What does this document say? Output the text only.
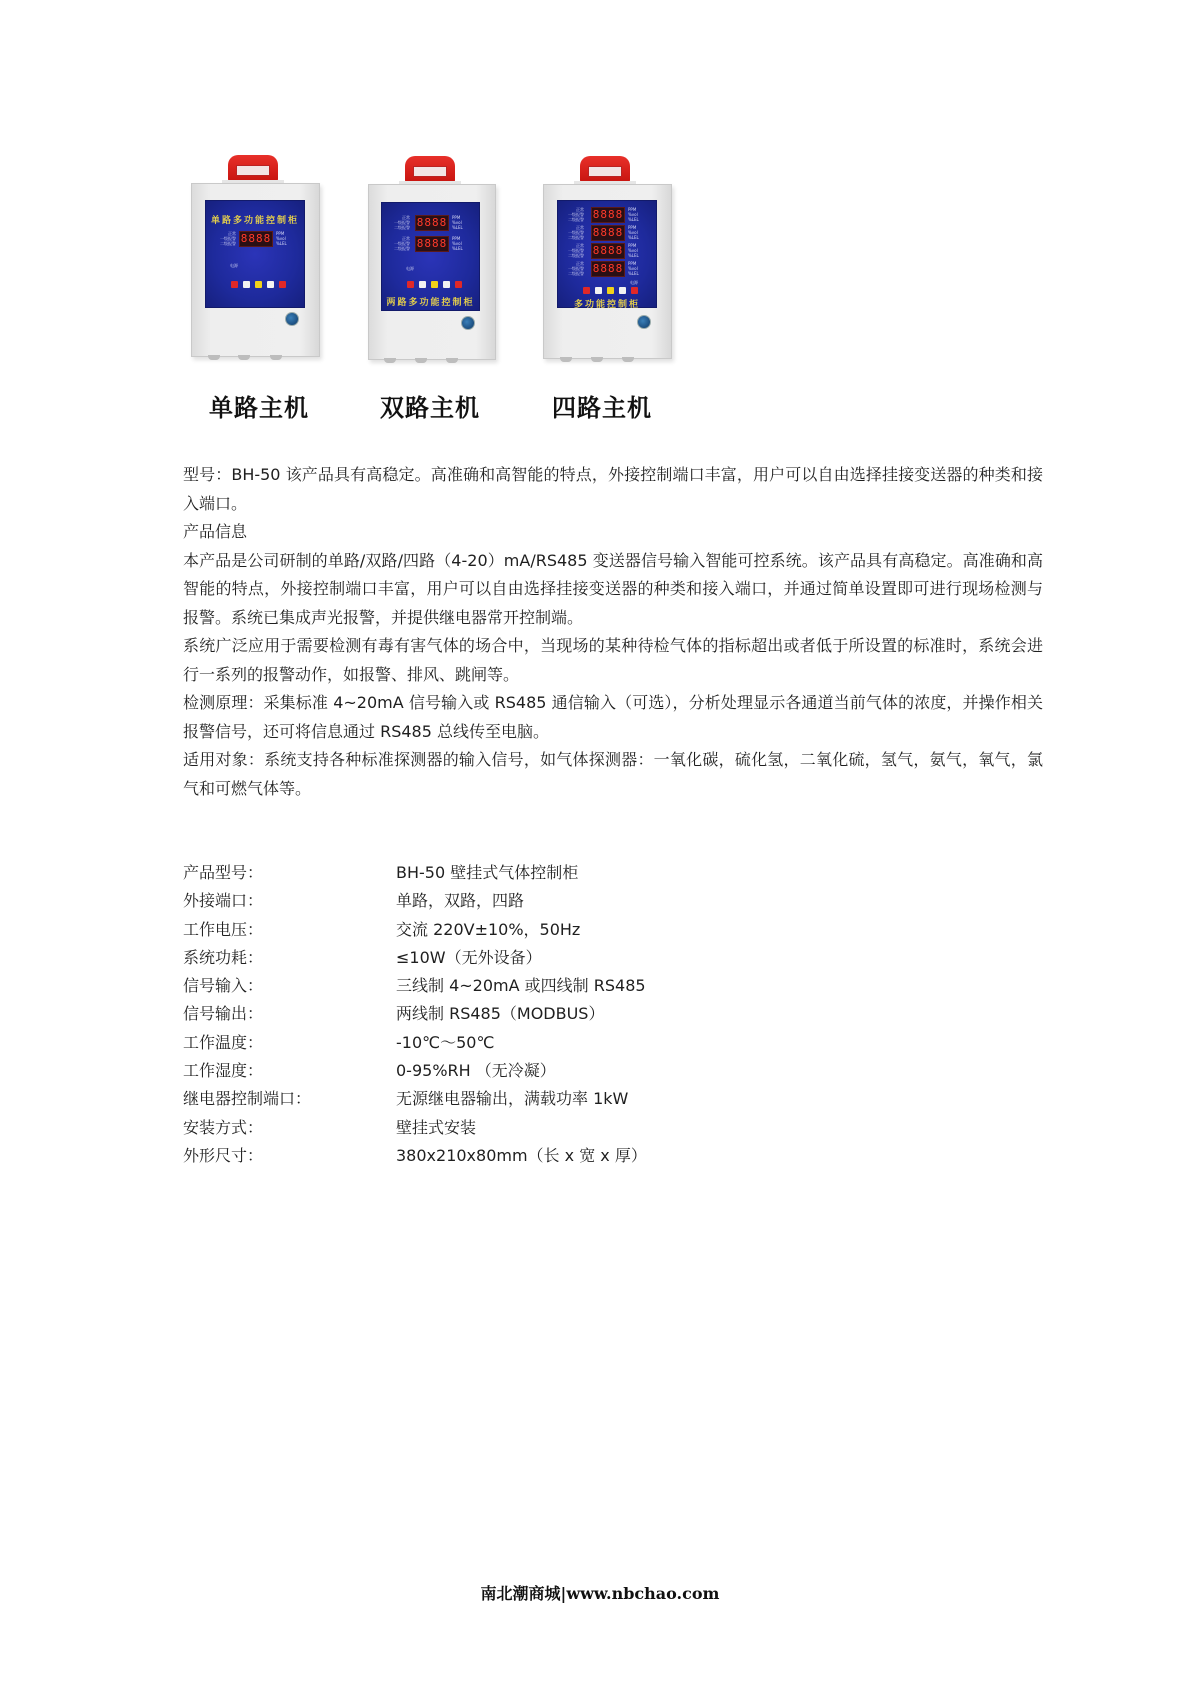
单路多功能控制柜
正常
一级报警
二级报警 8888	PPM
%vol
%LEL
电源
正常
一级报警
二级报警 8888	PPM
%vol
%LEL
正常
一级报警
二级报警 8888	PPM
%vol
%LEL
电源
两路多功能控制柜
正常
一级报警
二级报警 8888	PPM
%vol
%LEL
正常
一级报警
二级报警 8888	PPM
%vol
%LEL
正常
一级报警
二级报警 8888	PPM
%vol
%LEL
正常
一级报警
二级报警 8888	PPM
%vol
%LEL
电源
多功能控制柜
单路主机	双路主机	四路主机

型号：BH-50 该产品具有高稳定。高准确和高智能的特点，外接控制端口丰富，用户可以自由选择挂接变送器的种类和接入端口。

产品信息

本产品是公司研制的单路/双路/四路（4-20）mA/RS485 变送器信号输入智能可控系统。该产品具有高稳定。高准确和高智能的特点，外接控制端口丰富，用户可以自由选择挂接变送器的种类和接入端口，并通过简单设置即可进行现场检测与报警。系统已集成声光报警，并提供继电器常开控制端。

系统广泛应用于需要检测有毒有害气体的场合中，当现场的某种待检气体的指标超出或者低于所设置的标准时，系统会进行一系列的报警动作，如报警、排风、跳闸等。

检测原理：采集标准 4~20mA 信号输入或 RS485 通信输入（可选），分析处理显示各通道当前气体的浓度，并操作相关报警信号，还可将信息通过 RS485 总线传至电脑。

适用对象：系统支持各种标准探测器的输入信号，如气体探测器：一氧化碳，硫化氢，二氧化硫，氢气，氨气，氧气，氯气和可燃气体等。

产品型号：	BH-50 壁挂式气体控制柜
外接端口：	单路，双路，四路
工作电压：	交流 220V±10%，50Hz
系统功耗：	≤10W（无外设备）
信号输入：	三线制 4~20mA 或四线制 RS485
信号输出：	两线制 RS485（MODBUS）
工作温度：	-10℃～50℃
工作湿度：	0-95%RH （无冷凝）
继电器控制端口：	无源继电器输出，满载功率 1kW
安装方式：	壁挂式安装
外形尺寸：	380x210x80mm（长 x 宽 x 厚）
南北潮商城|www.nbchao.com
